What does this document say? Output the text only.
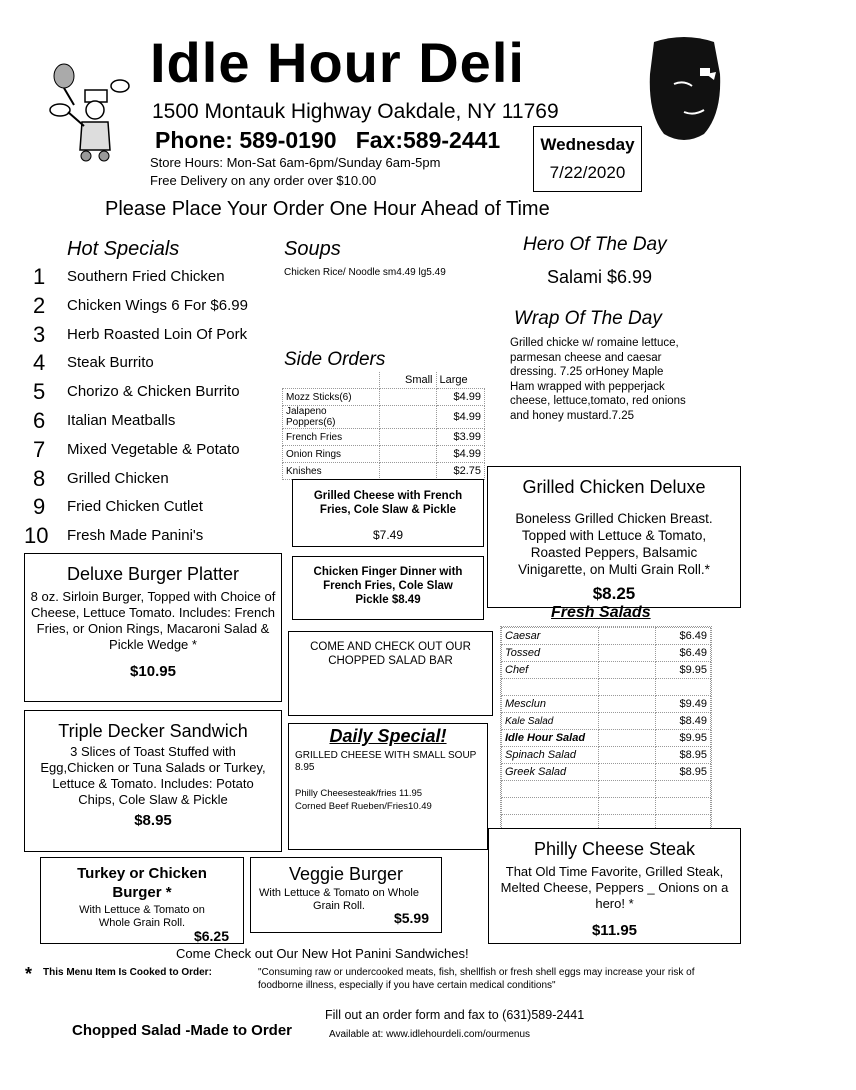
Idle Hour Deli
1500 Montauk Highway Oakdale, NY 11769
Phone: 589-0190 Fax:589-2441	Wednesday
7/22/2020
Store Hours: Mon-Sat 6am-6pm/Sunday 6am-5pm
Free Delivery on any order over $10.00
Please Place Your Order One Hour Ahead of Time
Hot Specials
1 Southern Fried Chicken
2 Chicken Wings 6 For $6.99
3 Herb Roasted Loin Of Pork
4 Steak Burrito
5 Chorizo & Chicken Burrito
6 Italian Meatballs
7 Mixed Vegetable & Potato
8 Grilled Chicken
9 Fried Chicken Cutlet
10 Fresh Made Panini's
Soups
Chicken Rice/ Noodle sm4.49 lg5.49
Hero Of The Day
Salami $6.99
Wrap Of The Day
Grilled chicke w/ romaine lettuce, parmesan cheese and caesar dressing. 7.25 orHoney Maple Ham wrapped with pepperjack cheese, lettuce,tomato, red onions and honey mustard.7.25
Side Orders
	Small	Large
Mozz Sticks(6)		$4.99
Jalapeno Poppers(6)		$4.99
French Fries		$3.99
Onion Rings		$4.99
Knishes		$2.75
Grilled Cheese with French Fries, Cole Slaw & Pickle
$7.49
Chicken Finger Dinner with French Fries, Cole Slaw Pickle $8.49
COME AND CHECK OUT OUR CHOPPED SALAD BAR
Daily Special!
GRILLED CHEESE WITH SMALL SOUP 8.95
Philly Cheesesteak/fries 11.95
Corned Beef Rueben/Fries10.49
Grilled Chicken Deluxe
Boneless Grilled Chicken Breast. Topped with Lettuce & Tomato, Roasted Peppers, Balsamic Vinigarette, on Multi Grain Roll.*
$8.25
Fresh Salads
Caesar		$6.49
Tossed		$6.49
Chef		$9.95

Mesclun		$9.49
Kale Salad		$8.49
Idle Hour Salad		$9.95
Spinach Salad		$8.95
Greek Salad		$8.95

Deluxe Burger Platter
8 oz. Sirloin Burger, Topped with Choice of Cheese, Lettuce Tomato. Includes: French Fries, or Onion Rings, Macaroni Salad & Pickle Wedge *
$10.95
Triple Decker Sandwich
3 Slices of Toast Stuffed with Egg,Chicken or Tuna Salads or Turkey, Lettuce & Tomato. Includes: Potato Chips, Cole Slaw & Pickle
$8.95
Turkey or Chicken Burger *
With Lettuce & Tomato on Whole Grain Roll.
$6.25
Veggie Burger
With Lettuce & Tomato on Whole Grain Roll.
$5.99
Philly Cheese Steak
That Old Time Favorite, Grilled Steak, Melted Cheese, Peppers _ Onions on a hero! *
$11.95
Come Check out Our New Hot Panini Sandwiches!
* This Menu Item Is Cooked to Order:	"Consuming raw or undercooked meats, fish, shellfish or fresh shell eggs may increase your risk of foodborne illness, especially if you have certain medical conditions"
Fill out an order form and fax to (631)589-2441
Chopped Salad -Made to Order	Available at: www.idlehourdeli.com/ourmenus
